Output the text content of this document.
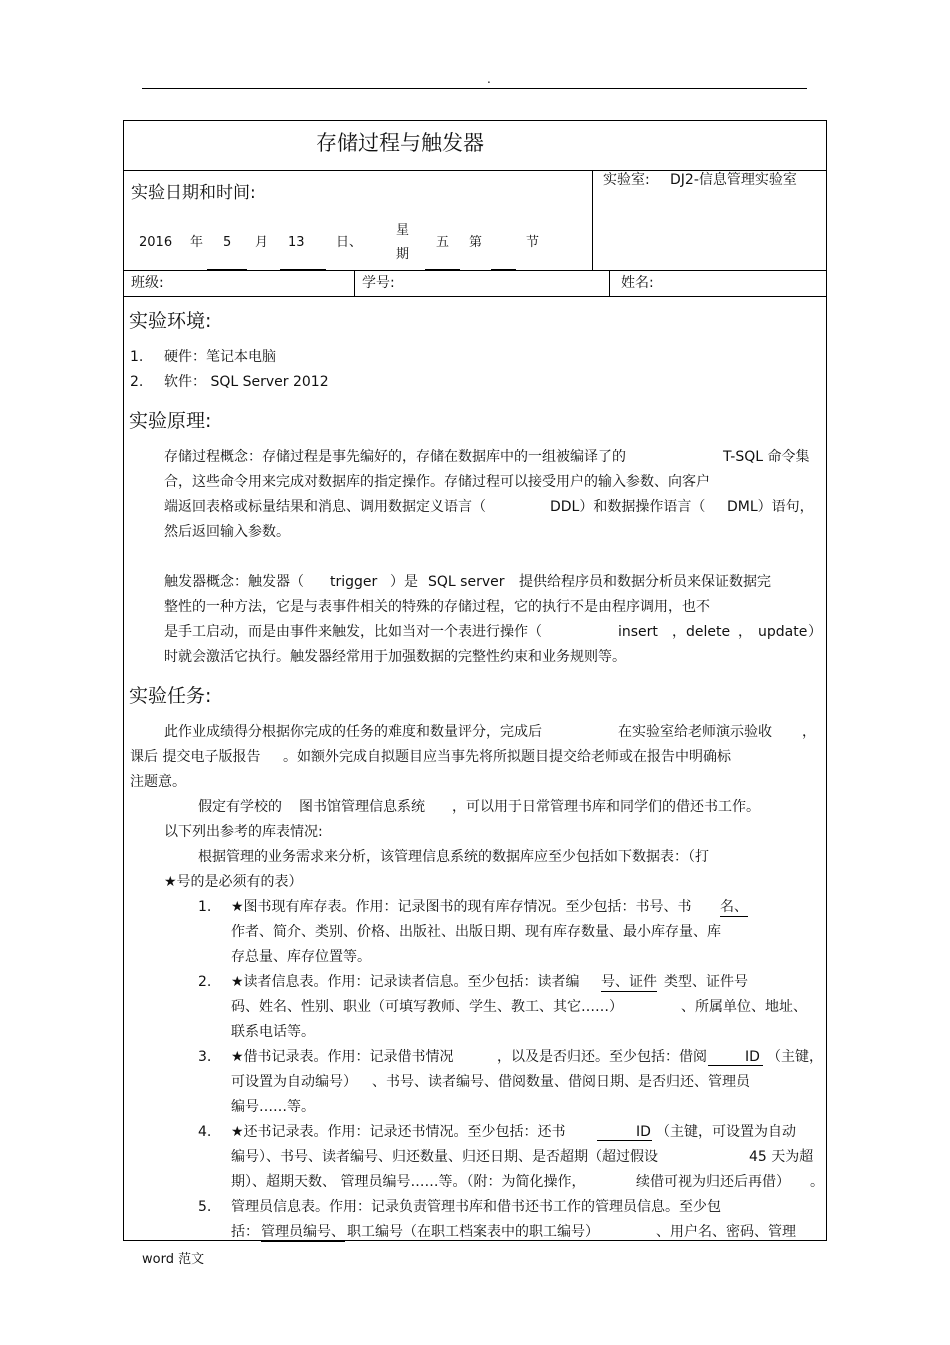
.
存储过程与触发器
实验日期和时间:
2016 年 5 月 13 日、
星
期
五 第	节
实验室: DJ2-信息管理实验室
班级:	学号:	姓名:
实验环境:
1. 硬件：笔记本电脑
2. 软件： SQL Server 2012
实验原理:
存储过程概念：存储过程是事先编好的，存储在数据库中的一组被编译了的	T-SQL 命令集
合，这些命令用来完成对数据库的指定操作。存储过程可以接受用户的输入参数、向客户
端返回表格或标量结果和消息、调用数据定义语言（	DDL）和数据操作语言（ DML）语句，
然后返回输入参数。
触发器概念：触发器（ trigger ）是 SQL server 提供给程序员和数据分析员来保证数据完
整性的一种方法，它是与表事件相关的特殊的存储过程，它的执行不是由程序调用，也不
是手工启动，而是由事件来触发，比如当对一个表进行操作（	insert ，delete ， update ）
时就会激活它执行。触发器经常用于加强数据的完整性约束和业务规则等。
实验任务:
此作业成绩得分根据你完成的任务的难度和数量评分，完成后	在实验室给老师演示验收 ，
课后 提交电子版报告 。如额外完成自拟题目应当事先将所拟题目提交给老师或在报告中明确标
注题意。
假定有学校的 图书馆管理信息系统 ，可以用于日常管理书库和同学们的借还书工作。
以下列出参考的库表情况:
根据管理的业务需求来分析，该管理信息系统的数据库应至少包括如下数据表：（打
★号的是必须有的表）
1. ★图书现有库存表。作用：记录图书的现有库存情况。至少包括：书号、书 名、
作者、简介、类别、价格、出版社、出版日期、现有库存数量、最小库存量、库
存总量、库存位置等。
2. ★读者信息表。作用：记录读者信息。至少包括：读者编 号、证件 类型、证件号
码、姓名、性别、职业（可填写教师、学生、教工、其它……）	、所属单位、地址、
联系电话等。
3. ★借书记录表。作用：记录借书情况	，以及是否归还。至少包括：借阅	ID （主键，
可设置为自动编号） 、书号、读者编号、借阅数量、借阅日期、是否归还、管理员
编号……等。
4. ★还书记录表。作用：记录还书情况。至少包括：还书	ID （主键，可设置为自动
编号）、书号、读者编号、归还数量、归还日期、是否超期（超过假设	45 天为超
期）、超期天数、 管理员编号……等。（附：为简化操作，	续借可视为归还后再借） 。
5. 管理员信息表。作用：记录负责管理书库和借书还书工作的管理员信息。至少包
括： 管理员编号、 职工编号（在职工档案表中的职工编号）	、用户名、密码、管理
word 范文
